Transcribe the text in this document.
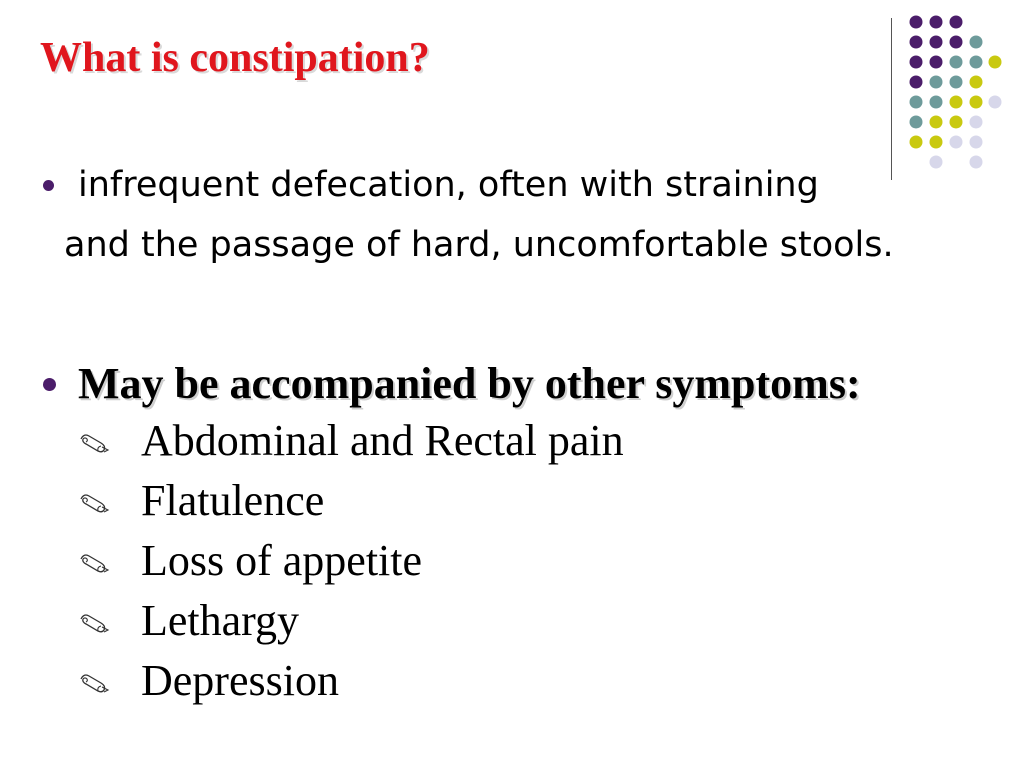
What is constipation?
infrequent defecation, often with straining
and the passage of hard, uncomfortable stools.
May be accompanied by other symptoms:
Abdominal and Rectal pain
Flatulence
Loss of appetite
Lethargy
Depression
